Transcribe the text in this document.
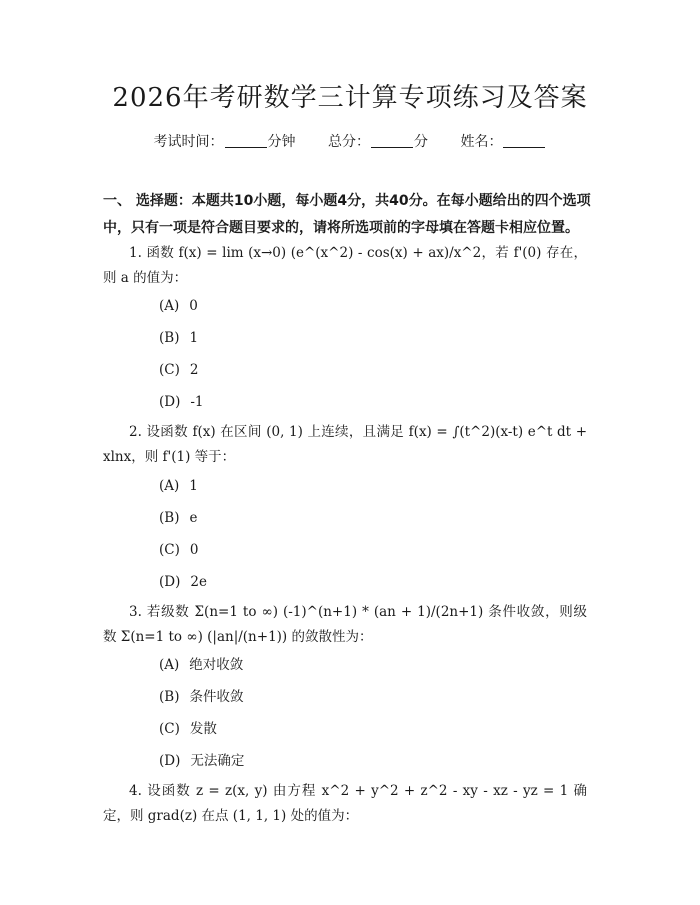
2026年考研数学三计算专项练习及答案
考试时间：	分钟 总分：	分 姓名：
一、 选择题：本题共10小题，每小题4分，共40分。在每小题给出的四个选项中，只有一项是符合题目要求的，请将所选项前的字母填在答题卡相应位置。
1. 函数 f(x) = lim (x→0) (e^(x^2) - cos(x) + ax)/x^2，若 f'(0) 存在，则 a 的值为：
(A) 0
(B) 1
(C) 2
(D) -1
2. 设函数 f(x) 在区间 (0, 1) 上连续，且满足 f(x) = ∫(t^2)(x-t) e^t dt + xlnx，则 f'(1) 等于：
(A) 1
(B) e
(C) 0
(D) 2e
3. 若级数 Σ(n=1 to ∞) (-1)^(n+1) * (an + 1)/(2n+1) 条件收敛，则级数 Σ(n=1 to ∞) (|an|/(n+1)) 的敛散性为：
(A) 绝对收敛
(B) 条件收敛
(C) 发散
(D) 无法确定
4. 设函数 z = z(x, y) 由方程 x^2 + y^2 + z^2 - xy - xz - yz = 1 确定，则 grad(z) 在点 (1, 1, 1) 处的值为：
